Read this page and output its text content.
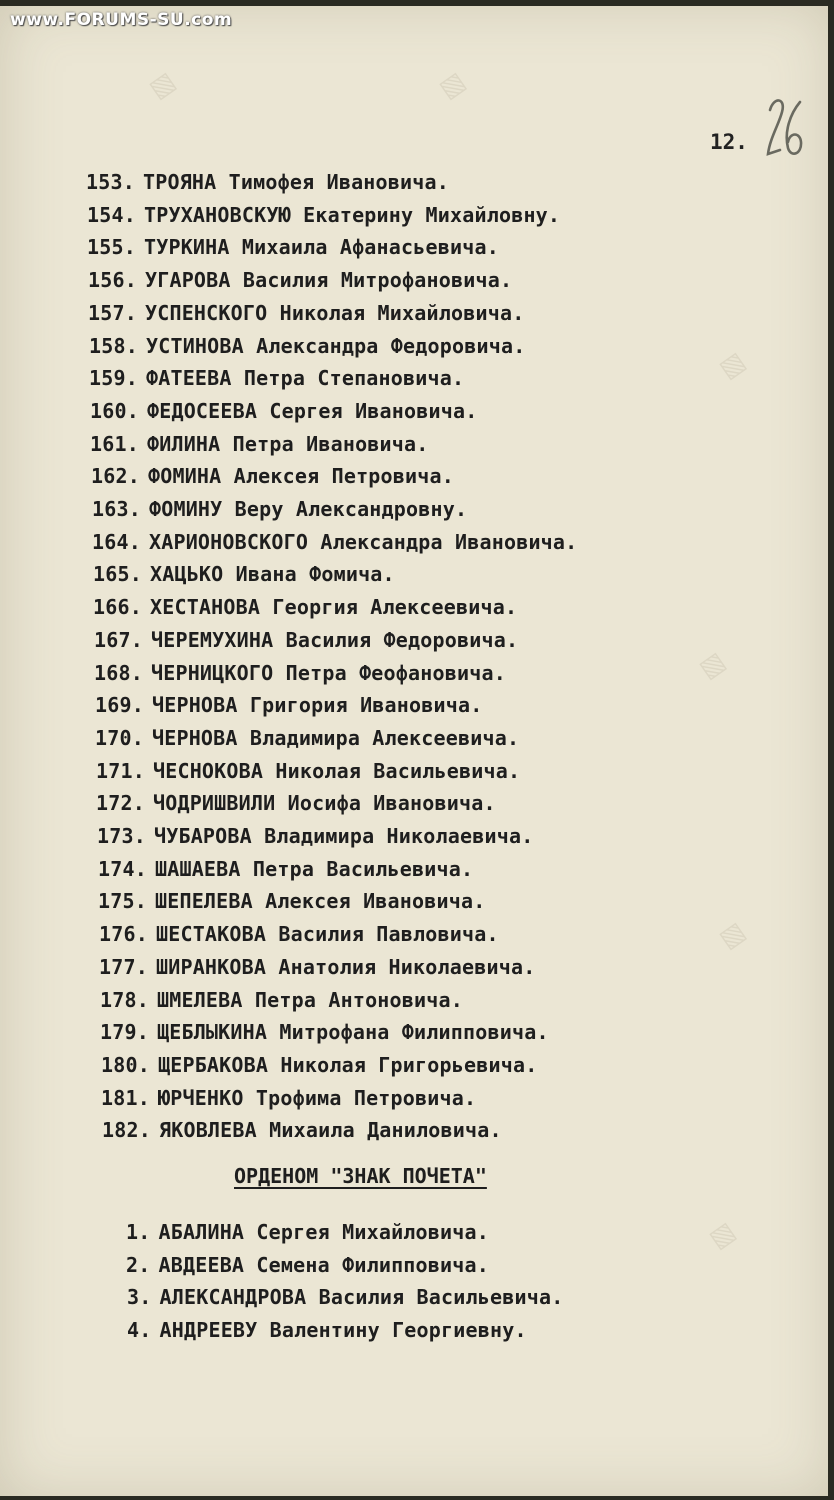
▧	▧
▧
▧
▧
▧
www.FORUMS-SU.com
12.
153. ТРОЯНА Тимофея Ивановича.
154. ТРУХАНОВСКУЮ Екатерину Михайловну.
155. ТУРКИНА Михаила Афанасьевича.
156. УГАРОВА Василия Митрофановича.
157. УСПЕНСКОГО Николая Михайловича.
158. УСТИНОВА Александра Федоровича.
159. ФАТЕЕВА Петра Степановича.
160. ФЕДОСЕЕВА Сергея Ивановича.
161. ФИЛИНА Петра Ивановича.
162. ФОМИНА Алексея Петровича.
163. ФОМИНУ Веру Александровну.
164. ХАРИОНОВСКОГО Александра Ивановича.
165. ХАЦЬКО Ивана Фомича.
166. ХЕСТАНОВА Георгия Алексеевича.
167. ЧЕРЕМУХИНА Василия Федоровича.
168. ЧЕРНИЦКОГО Петра Феофановича.
169. ЧЕРНОВА Григория Ивановича.
170. ЧЕРНОВА Владимира Алексеевича.
171. ЧЕСНОКОВА Николая Васильевича.
172. ЧОДРИШВИЛИ Иосифа Ивановича.
173. ЧУБАРОВА Владимира Николаевича.
174. ШАШАЕВА Петра Васильевича.
175. ШЕПЕЛЕВА Алексея Ивановича.
176. ШЕСТАКОВА Василия Павловича.
177. ШИРАНКОВА Анатолия Николаевича.
178. ШМЕЛЕВА Петра Антоновича.
179. ЩЕБЛЫКИНА Митрофана Филипповича.
180. ЩЕРБАКОВА Николая Григорьевича.
181. ЮРЧЕНКО Трофима Петровича.
182. ЯКОВЛЕВА Михаила Даниловича.
ОРДЕНОМ "ЗНАК ПОЧЕТА"
1. АБАЛИНА Сергея Михайловича.
2. АВДЕЕВА Семена Филипповича.
3. АЛЕКСАНДРОВА Василия Васильевича.
4. АНДРЕЕВУ Валентину Георгиевну.
